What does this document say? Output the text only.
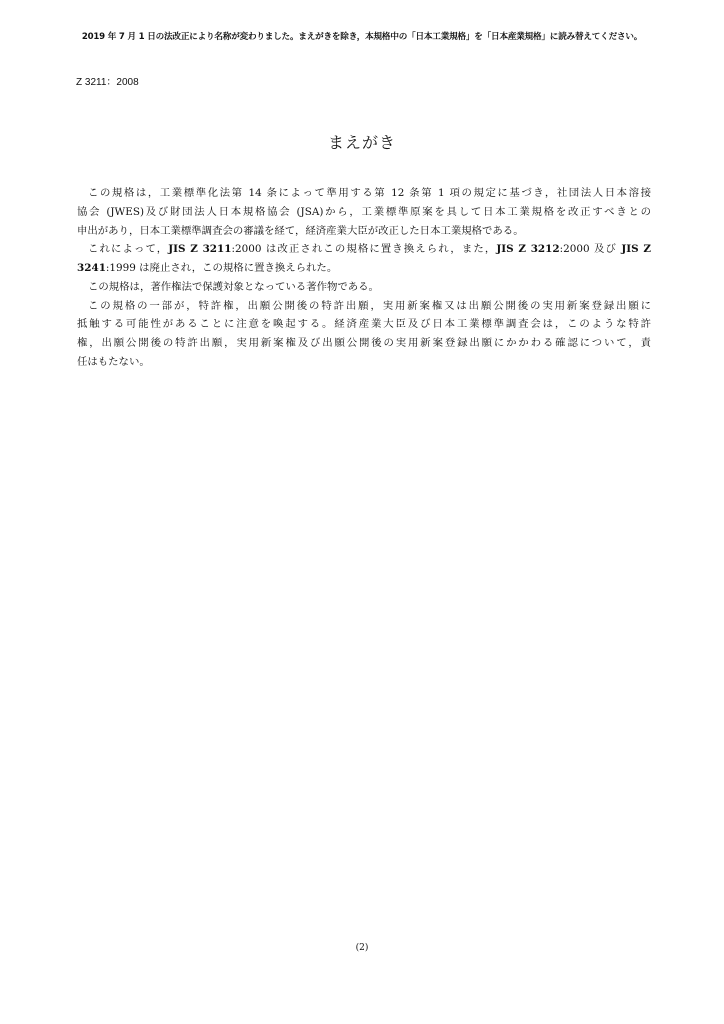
2019 年 7 月 1 日の法改正により名称が変わりました。まえがきを除き，本規格中の「日本工業規格」を「日本産業規格」に読み替えてください。
Z 3211：2008
まえがき
この規格は，工業標準化法第 14 条によって準用する第 12 条第 1 項の規定に基づき，社団法人日本溶接
協会 (JWES)及び財団法人日本規格協会 (JSA)から，工業標準原案を具して日本工業規格を改正すべきとの
申出があり，日本工業標準調査会の審議を経て，経済産業大臣が改正した日本工業規格である。
これによって，JIS Z 3211:2000 は改正されこの規格に置き換えられ，また，JIS Z 3212:2000 及び JIS Z
3241:1999 は廃止され，この規格に置き換えられた。
この規格は，著作権法で保護対象となっている著作物である。
この規格の一部が，特許権，出願公開後の特許出願，実用新案権又は出願公開後の実用新案登録出願に
抵触する可能性があることに注意を喚起する。経済産業大臣及び日本工業標準調査会は，このような特許
権，出願公開後の特許出願，実用新案権及び出願公開後の実用新案登録出願にかかわる確認について，責
任はもたない。
(2)
